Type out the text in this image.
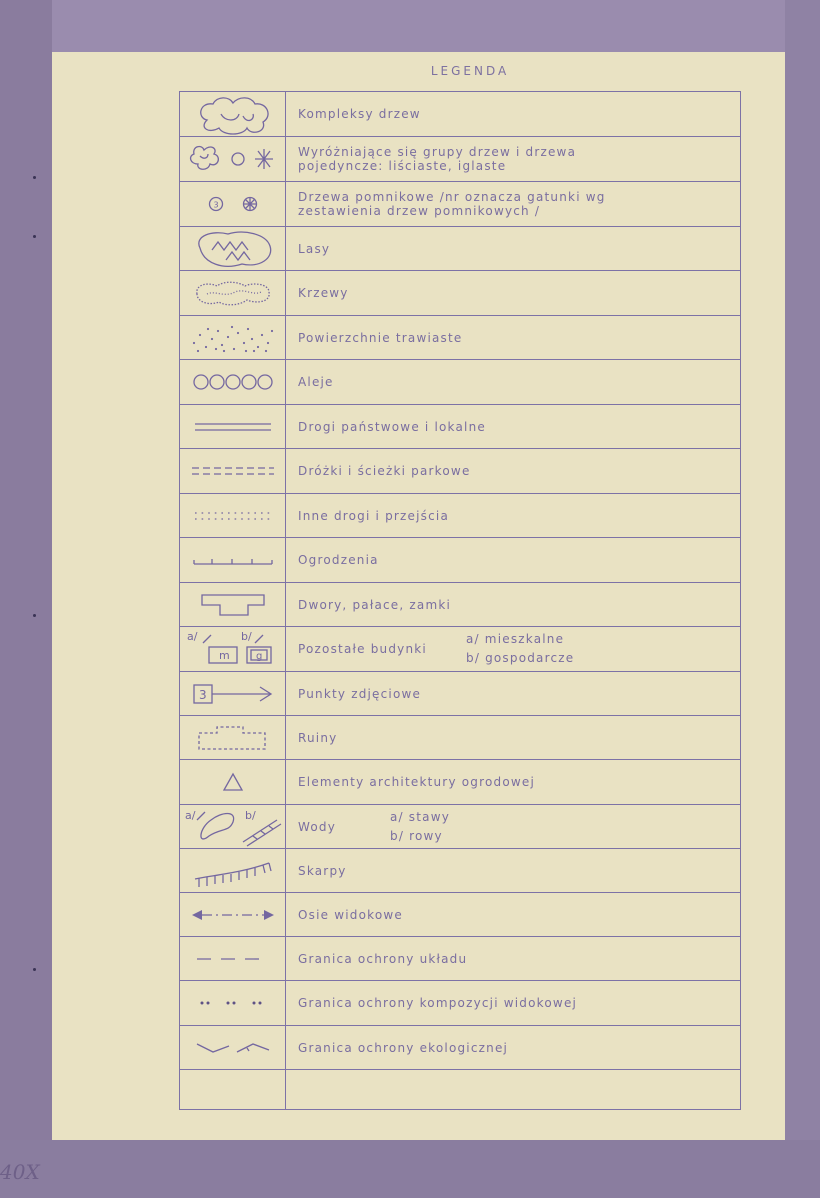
40X
LEGENDA
Kompleksy drzew
Wyróżniające się grupy drzew i drzewa
pojedyncze: liściaste, iglaste
3
Drzewa pomnikowe /nr oznacza gatunki wg
zestawienia drzew pomnikowych /
Lasy
Krzewy
Powierzchnie trawiaste
Aleje
Drogi państwowe i lokalne
Dróżki i ścieżki parkowe
Inne drogi i przejścia
Ogrodzenia
Dwory, pałace, zamki
a/
m
b/
g
Pozostałe budynki
a/ mieszkalne
b/ gospodarcze
3	Punkty zdjęciowe
Ruiny
Elementy architektury ogrodowej
a/	b/
Wody
a/ stawy
b/ rowy
Skarpy
Osie widokowe
Granica ochrony układu
Granica ochrony kompozycji widokowej
Granica ochrony ekologicznej
